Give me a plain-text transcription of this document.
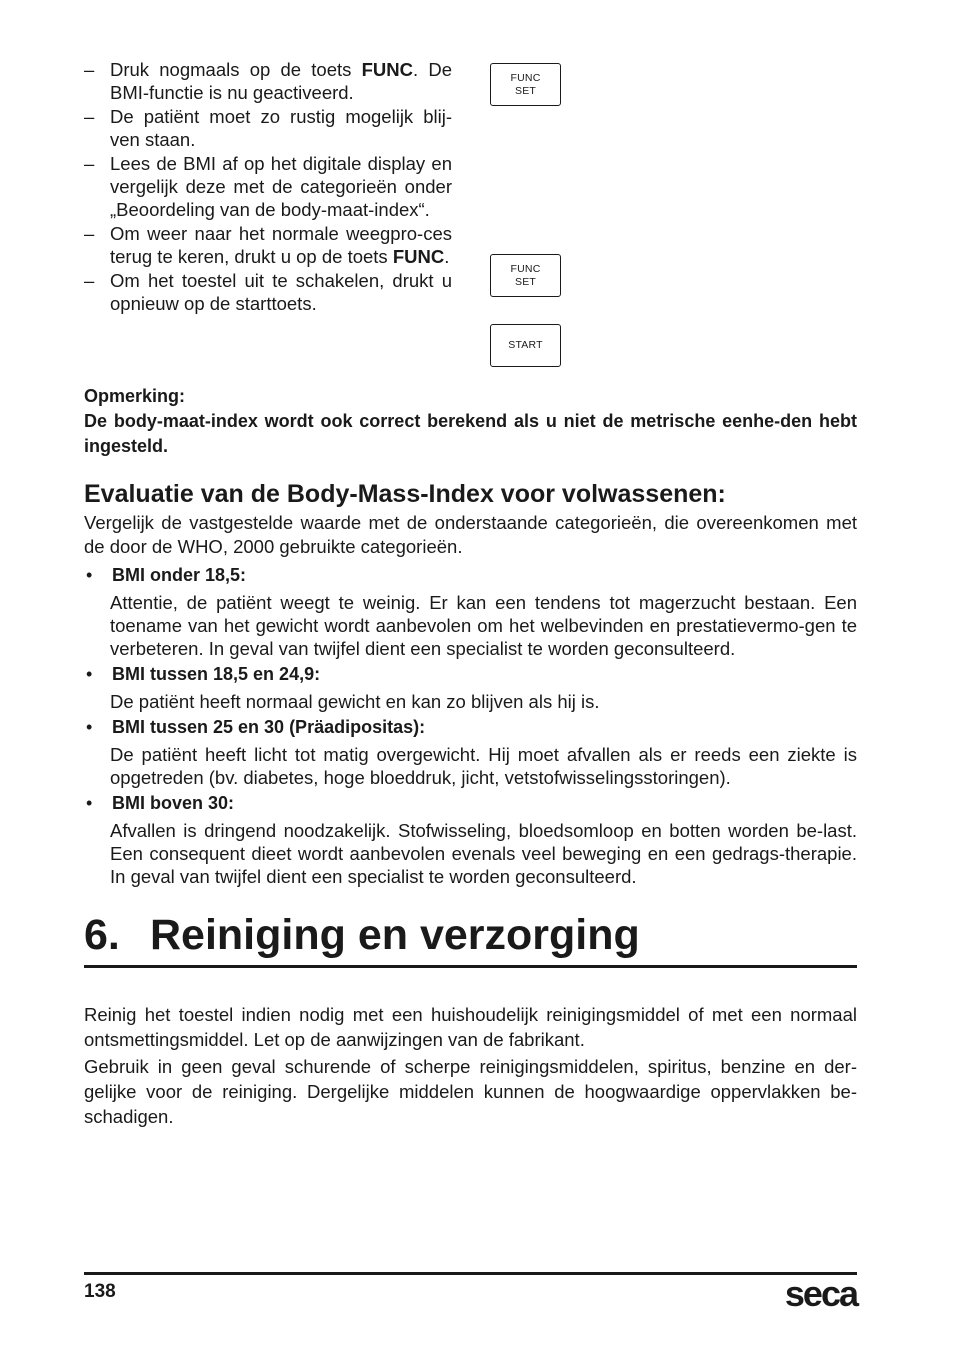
– Druk nogmaals op de toets FUNC. De BMI-functie is nu geactiveerd.
– De patiënt moet zo rustig mogelijk blij-ven staan.
– Lees de BMI af op het digitale display en vergelijk deze met de categorieën onder „Beoordeling van de body-maat-index“.
– Om weer naar het normale weegpro-ces terug te keren, drukt u op de toets FUNC.
– Om het toestel uit te schakelen, drukt u opnieuw op de starttoets.
FUNC
SET
FUNC
SET
START
Opmerking:
De body-maat-index wordt ook correct berekend als u niet de metrische eenhe-den hebt ingesteld.
Evaluatie van de Body-Mass-Index voor volwassenen:
Vergelijk de vastgestelde waarde met de onderstaande categorieën, die overeenkomen met de door de WHO, 2000 gebruikte categorieën.
•	BMI onder 18,5:
Attentie, de patiënt weegt te weinig. Er kan een tendens tot magerzucht bestaan. Een toename van het gewicht wordt aanbevolen om het welbevinden en prestatievermo-gen te verbeteren. In geval van twijfel dient een specialist te worden geconsulteerd.
•	BMI tussen 18,5 en 24,9:
De patiënt heeft normaal gewicht en kan zo blijven als hij is.
•	BMI tussen 25 en 30 (Präadipositas):
De patiënt heeft licht tot matig overgewicht. Hij moet afvallen als er reeds een ziekte is opgetreden (bv. diabetes, hoge bloeddruk, jicht, vetstofwisselingsstoringen).
•	BMI boven 30:
Afvallen is dringend noodzakelijk. Stofwisseling, bloedsomloop en botten worden be-last. Een consequent dieet wordt aanbevolen evenals veel beweging en een gedrags-therapie. In geval van twijfel dient een specialist te worden geconsulteerd.
6. Reiniging en verzorging
Reinig het toestel indien nodig met een huishoudelijk reinigingsmiddel of met een normaal ontsmettingsmiddel. Let op de aanwijzingen van de fabrikant.
Gebruik in geen geval schurende of scherpe reinigingsmiddelen, spiritus, benzine en der-gelijke voor de reiniging. Dergelijke middelen kunnen de hoogwaardige oppervlakken be-schadigen.
138	seca
